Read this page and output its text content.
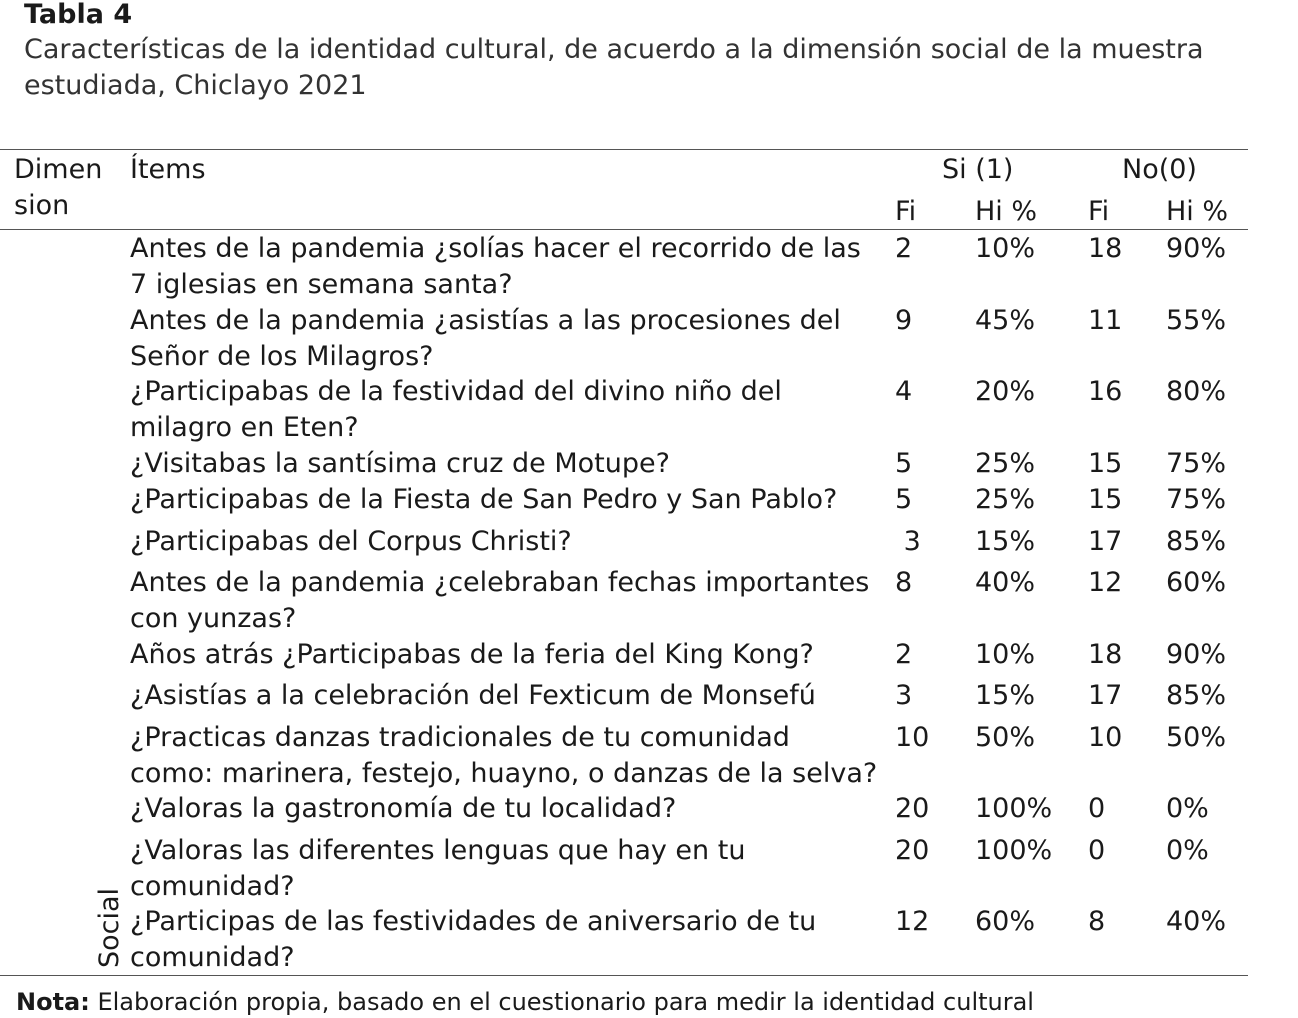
Tabla 4
Características de la identidad cultural, de acuerdo a la dimensión social de la muestra estudiada, Chiclayo 2021
Dimen
sion
Ítems	Si (1)	No(0)
Fi Hi % Fi Hi %
Antes de la pandemia ¿solías hacer el recorrido de las 7 iglesias en semana santa?
2 10% 18 90%
Antes de la pandemia ¿asistías a las procesiones del Señor de los Milagros?
9 45% 11 55%
¿Participabas de la festividad del divino niño del milagro en Eten?
4 20% 16 80%
¿Visitabas la santísima cruz de Motupe?	5 25% 15 75%
¿Participabas de la Fiesta de San Pedro y San Pablo?	5 25% 15 75%
¿Participabas del Corpus Christi?	3 15% 17 85%
Antes de la pandemia ¿celebraban fechas importantes con yunzas?
8 40% 12 60%
Años atrás ¿Participabas de la feria del King Kong?	2 10% 18 90%
¿Asistías a la celebración del Fexticum de Monsefú	3 15% 17 85%
¿Practicas danzas tradicionales de tu comunidad como: marinera, festejo, huayno, o danzas de la selva?
10 50% 10 50%
¿Valoras la gastronomía de tu localidad?	20 100% 0 0%
¿Valoras las diferentes lenguas que hay en tu comunidad?
20 100% 0 0%
¿Participas de las festividades de aniversario de tu comunidad?
12 60% 8 40%
Social
Nota: Elaboración propia, basado en el cuestionario para medir la identidad cultural
